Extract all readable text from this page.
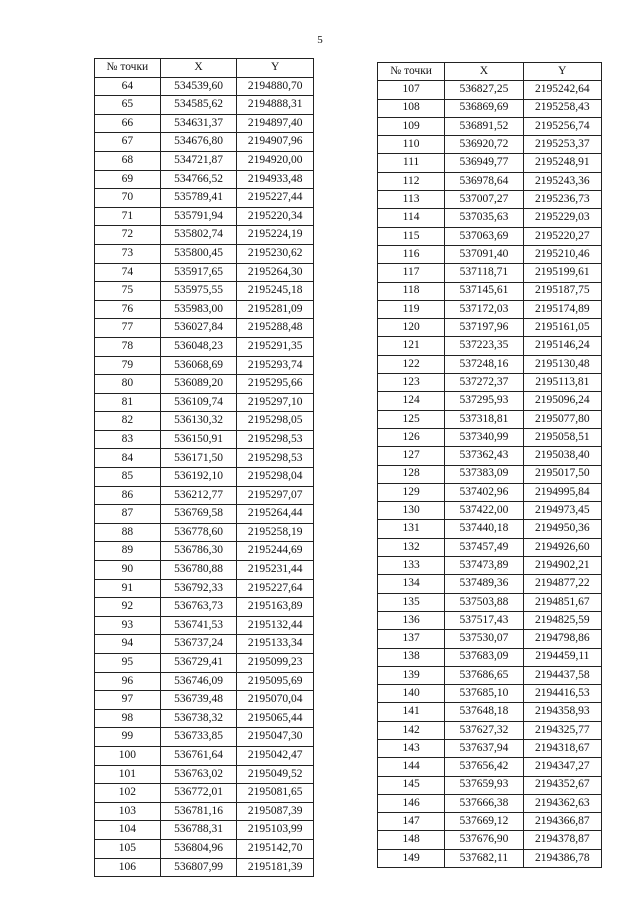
5
№ точки	X	Y
64	534539,60	2194880,70
65	534585,62	2194888,31
66	534631,37	2194897,40
67	534676,80	2194907,96
68	534721,87	2194920,00
69	534766,52	2194933,48
70	535789,41	2195227,44
71	535791,94	2195220,34
72	535802,74	2195224,19
73	535800,45	2195230,62
74	535917,65	2195264,30
75	535975,55	2195245,18
76	535983,00	2195281,09
77	536027,84	2195288,48
78	536048,23	2195291,35
79	536068,69	2195293,74
80	536089,20	2195295,66
81	536109,74	2195297,10
82	536130,32	2195298,05
83	536150,91	2195298,53
84	536171,50	2195298,53
85	536192,10	2195298,04
86	536212,77	2195297,07
87	536769,58	2195264,44
88	536778,60	2195258,19
89	536786,30	2195244,69
90	536780,88	2195231,44
91	536792,33	2195227,64
92	536763,73	2195163,89
93	536741,53	2195132,44
94	536737,24	2195133,34
95	536729,41	2195099,23
96	536746,09	2195095,69
97	536739,48	2195070,04
98	536738,32	2195065,44
99	536733,85	2195047,30
100	536761,64	2195042,47
101	536763,02	2195049,52
102	536772,01	2195081,65
103	536781,16	2195087,39
104	536788,31	2195103,99
105	536804,96	2195142,70
106	536807,99	2195181,39
№ точки	X	Y
107	536827,25	2195242,64
108	536869,69	2195258,43
109	536891,52	2195256,74
110	536920,72	2195253,37
111	536949,77	2195248,91
112	536978,64	2195243,36
113	537007,27	2195236,73
114	537035,63	2195229,03
115	537063,69	2195220,27
116	537091,40	2195210,46
117	537118,71	2195199,61
118	537145,61	2195187,75
119	537172,03	2195174,89
120	537197,96	2195161,05
121	537223,35	2195146,24
122	537248,16	2195130,48
123	537272,37	2195113,81
124	537295,93	2195096,24
125	537318,81	2195077,80
126	537340,99	2195058,51
127	537362,43	2195038,40
128	537383,09	2195017,50
129	537402,96	2194995,84
130	537422,00	2194973,45
131	537440,18	2194950,36
132	537457,49	2194926,60
133	537473,89	2194902,21
134	537489,36	2194877,22
135	537503,88	2194851,67
136	537517,43	2194825,59
137	537530,07	2194798,86
138	537683,09	2194459,11
139	537686,65	2194437,58
140	537685,10	2194416,53
141	537648,18	2194358,93
142	537627,32	2194325,77
143	537637,94	2194318,67
144	537656,42	2194347,27
145	537659,93	2194352,67
146	537666,38	2194362,63
147	537669,12	2194366,87
148	537676,90	2194378,87
149	537682,11	2194386,78
